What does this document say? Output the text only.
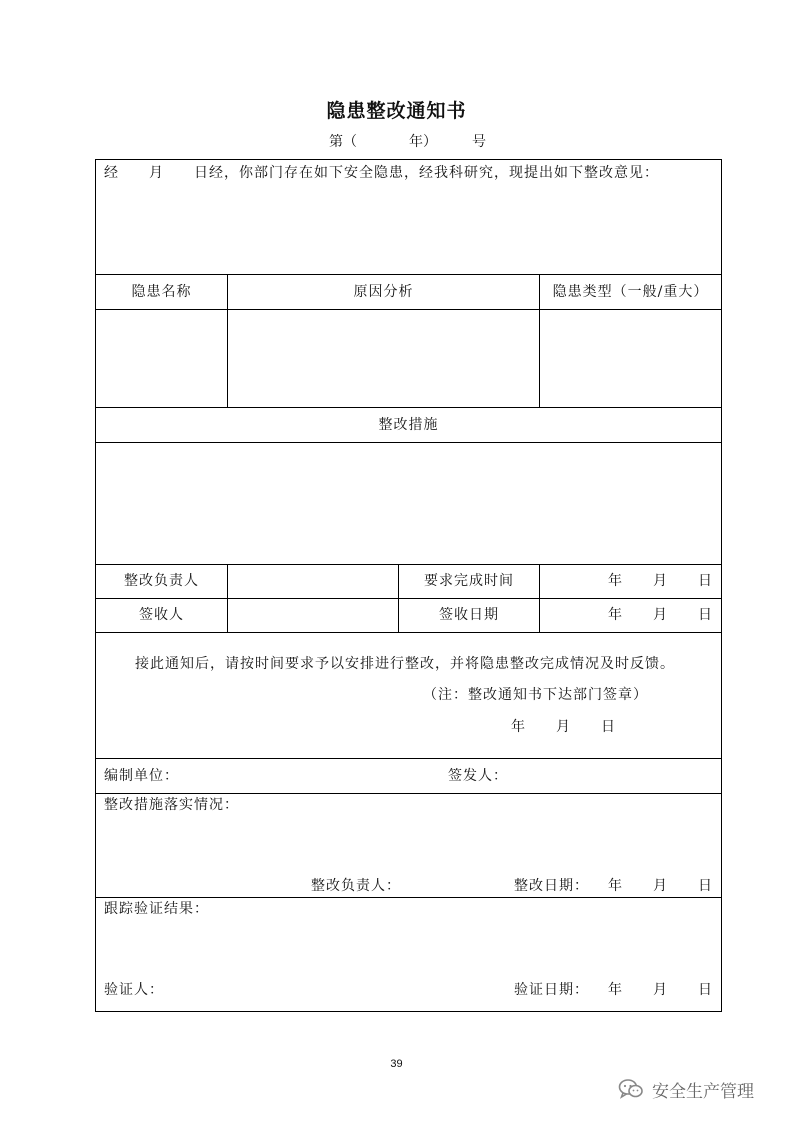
隐患整改通知书
第（	年）	号
经　　月　　日经，你部门存在如下安全隐患，经我科研究，现提出如下整改意见：
隐患名称	原因分析	隐患类型（一般/重大）
整改措施
整改负责人	要求完成时间	年　　月　　日
签收人	签收日期	年　　月　　日
接此通知后，请按时间要求予以安排进行整改，并将隐患整改完成情况及时反馈。
（注：整改通知书下达部门签章）
年　　月　　日
编制单位：	签发人：
整改措施落实情况：
整改负责人：	整改日期：	年　　月　　日
跟踪验证结果：
验证人：	验证日期：	年　　月　　日
39
安全生产管理
